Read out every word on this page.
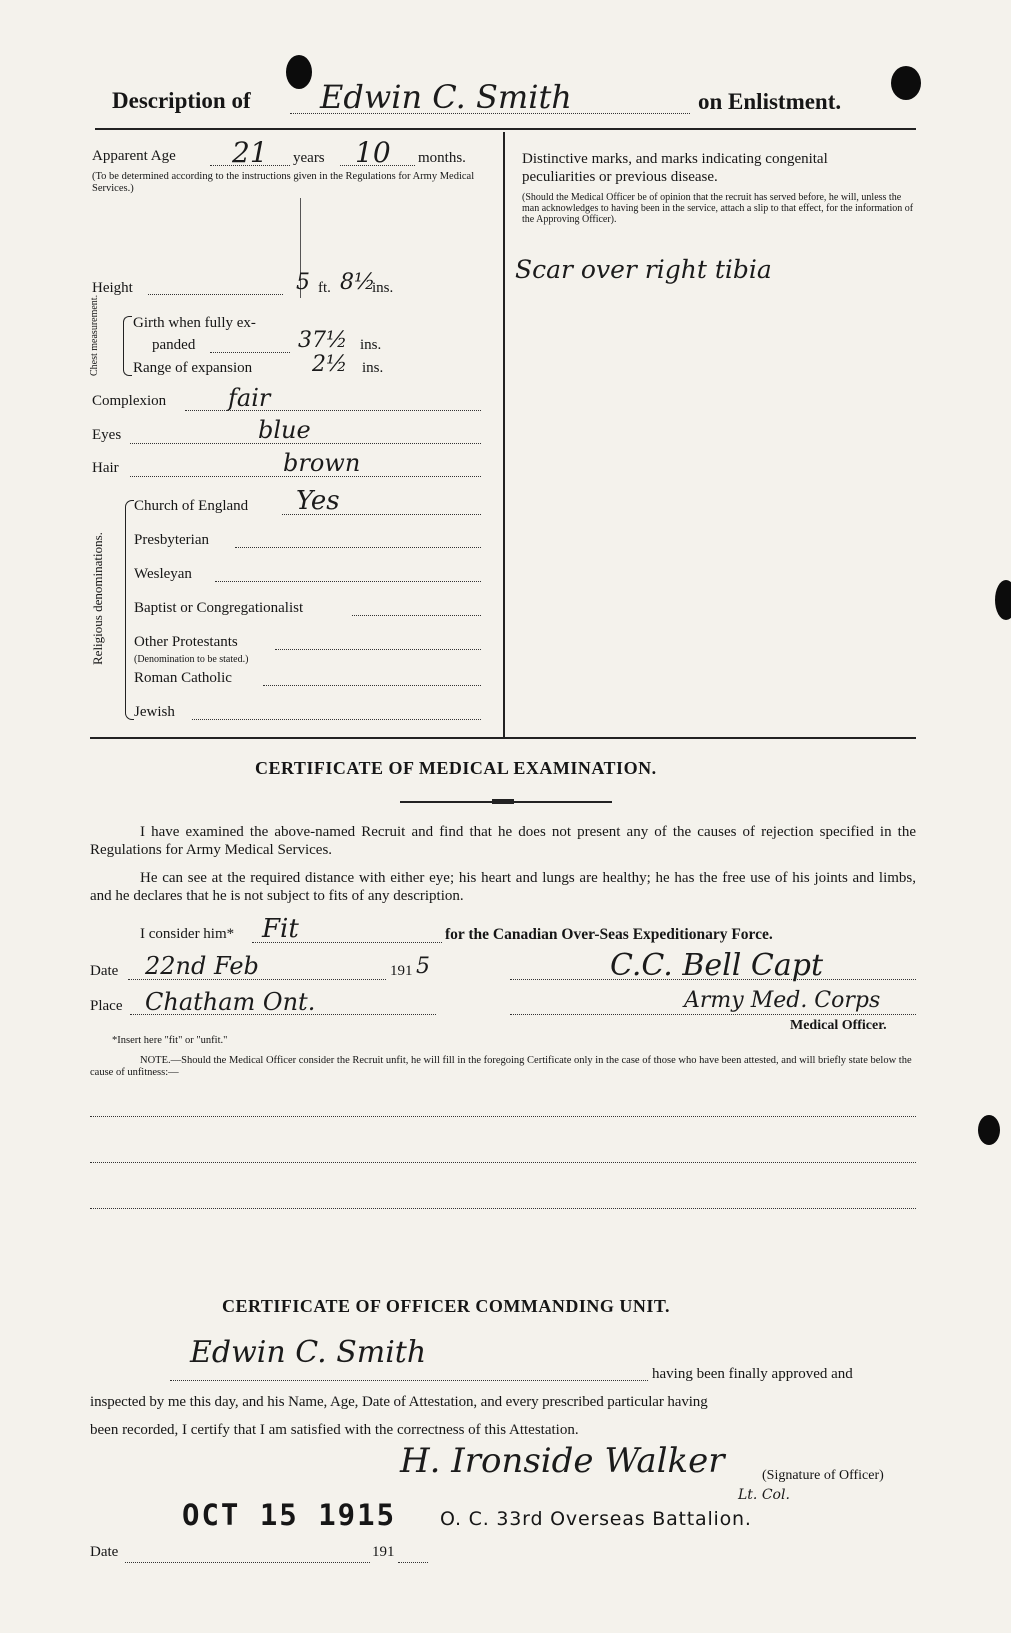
Description of Edwin C. Smith	on Enlistment.
Apparent Age 21 years 10 months.
(To be determined according to the instructions given in the Regulations for Army Medical Services.)
Height	5 ft. 8½
ins.
Chest measurement. Girth when fully ex-
panded	37½ ins.
Range of expansion	2½ ins.
Complexion	fair
Eyes	blue
Hair	brown
Religious denominations.
Church of England Yes
Presbyterian
Wesleyan
Baptist or Congregationalist
Other Protestants
(Denomination to be stated.)
Roman Catholic
Jewish
Distinctive marks, and marks indicating congenital
peculiarities or previous disease.
(Should the Medical Officer be of opinion that the recruit has served before, he will, unless the man acknowledges to having been in the service, attach a slip to that effect, for the information of the Approving Officer).
Scar over right tibia
CERTIFICATE OF MEDICAL EXAMINATION.
I have examined the above-named Recruit and find that he does not present any of the causes of rejection specified in the Regulations for Army Medical Services.
He can see at the required distance with either eye; his heart and lungs are healthy; he has the free use of his joints and limbs, and he declares that he is not subject to fits of any description.
I consider him* Fit	for the Canadian Over-Seas Expeditionary Force.
Date 22nd Feb	191 5	C.C. Bell Capt
Place Chatham Ont.	Army Med. Corps
Medical Officer.
*Insert here "fit" or "unfit."
NOTE.—Should the Medical Officer consider the Recruit unfit, he will fill in the foregoing Certificate only in the case of those who have been attested, and will briefly state below the cause of unfitness:—
CERTIFICATE OF OFFICER COMMANDING UNIT.
Edwin C. Smith
having been finally approved and
inspected by me this day, and his Name, Age, Date of Attestation, and every prescribed particular having
been recorded, I certify that I am satisfied with the correctness of this Attestation.
H. Ironside Walker	(Signature of Officer)
Lt. Col.
O. C. 33rd Overseas Battalion.
Date
OCT 15 1915
191
